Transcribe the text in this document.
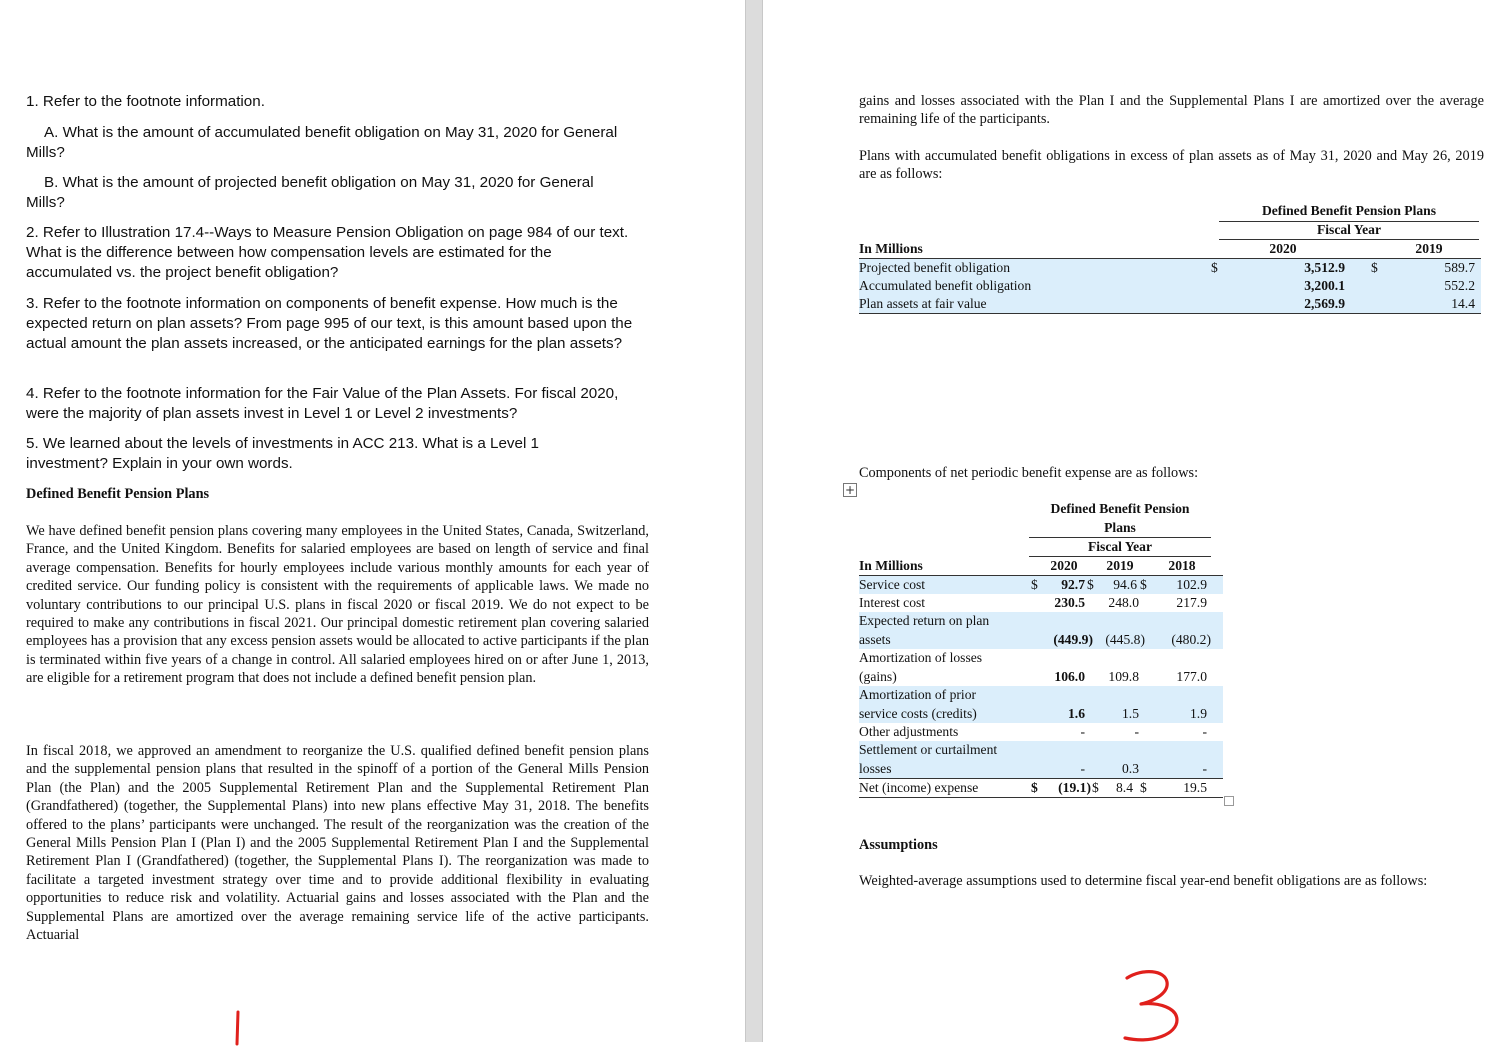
1. Refer to the footnote information.
A. What is the amount of accumulated benefit obligation on May 31, 2020 for General Mills?
B. What is the amount of projected benefit obligation on May 31, 2020 for General Mills?
2. Refer to Illustration 17.4--Ways to Measure Pension Obligation on page 984 of our text. What is the difference between how compensation levels are estimated for the accumulated vs. the project benefit obligation?
3. Refer to the footnote information on components of benefit expense. How much is the expected return on plan assets? From page 995 of our text, is this amount based upon the actual amount the plan assets increased, or the anticipated earnings for the plan assets?
4. Refer to the footnote information for the Fair Value of the Plan Assets. For fiscal 2020, were the majority of plan assets invest in Level 1 or Level 2 investments?
5. We learned about the levels of investments in ACC 213. What is a Level 1 investment? Explain in your own words.
Defined Benefit Pension Plans
We have defined benefit pension plans covering many employees in the United States, Canada, Switzerland, France, and the United Kingdom. Benefits for salaried employees are based on length of service and final average compensation. Benefits for hourly employees include various monthly amounts for each year of credited service. Our funding policy is consistent with the requirements of applicable laws. We made no voluntary contributions to our principal U.S. plans in fiscal 2020 or fiscal 2019. We do not expect to be required to make any contributions in fiscal 2021. Our principal domestic retirement plan covering salaried employees has a provision that any excess pension assets would be allocated to active participants if the plan is terminated within five years of a change in control. All salaried employees hired on or after June 1, 2013, are eligible for a retirement program that does not include a defined benefit pension plan.
In fiscal 2018, we approved an amendment to reorganize the U.S. qualified defined benefit pension plans and the supplemental pension plans that resulted in the spinoff of a portion of the General Mills Pension Plan (the Plan) and the 2005 Supplemental Retirement Plan and the Supplemental Retirement Plan (Grandfathered) (together, the Supplemental Plans) into new plans effective May 31, 2018. The benefits offered to the plans’ participants were unchanged. The result of the reorganization was the creation of the General Mills Pension Plan I (Plan I) and the 2005 Supplemental Retirement Plan I and the Supplemental Retirement Plan I (Grandfathered) (together, the Supplemental Plans I). The reorganization was made to facilitate a targeted investment strategy over time and to provide additional flexibility in evaluating opportunities to reduce risk and volatility. Actuarial gains and losses associated with the Plan and the Supplemental Plans are amortized over the average remaining service life of the active participants. Actuarial
gains and losses associated with the Plan I and the Supplemental Plans I are amortized over the average remaining life of the participants.
Plans with accumulated benefit obligations in excess of plan assets as of May 31, 2020 and May 26, 2019 are as follows:
Defined Benefit Pension Plans
Fiscal Year
In Millions	2020	2019
Projected benefit obligation	$	3,512.9 $	589.7
Accumulated benefit obligation	3,200.1	552.2
Plan assets at fair value	2,569.9	14.4
Components of net periodic benefit expense are as follows:
+
Defined Benefit Pension
Plans
Fiscal Year
In Millions	2020	2019	2018
Service cost	$	92.7 $	94.6 $	102.9
Interest cost	230.5	248.0	217.9
Expected return on plan
assets	(449.9) (445.8)	(480.2)
Amortization of losses
(gains)	106.0	109.8	177.0
Amortization of prior
service costs (credits)	1.6	1.5	1.9
Other adjustments	-	-	-
Settlement or curtailment
losses	-	0.3	-
Net (income) expense	$	(19.1) $	8.4 $	19.5
Assumptions
Weighted-average assumptions used to determine fiscal year-end benefit obligations are as follows:
